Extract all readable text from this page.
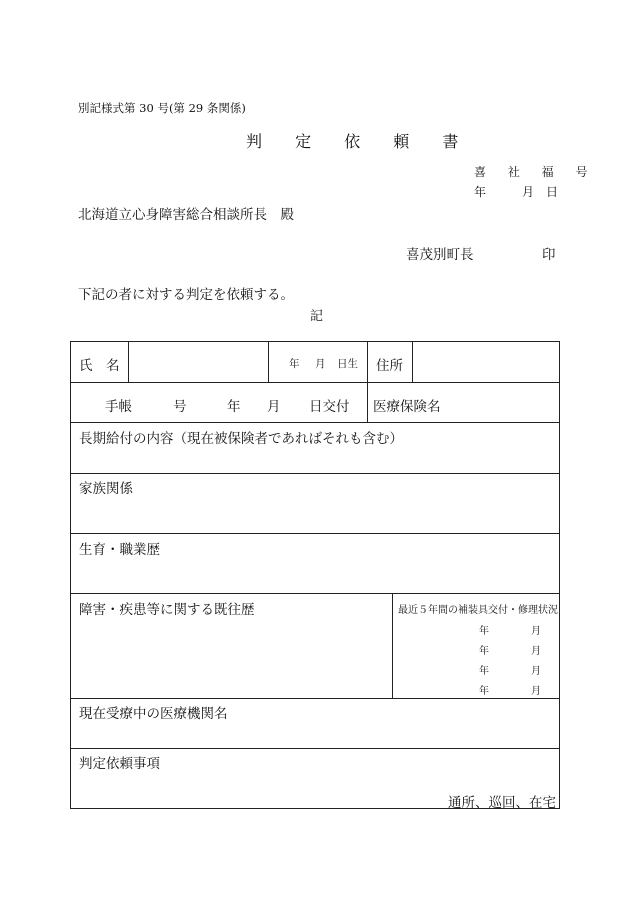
別記様式第 30 号(第 29 条関係)
判 定 依 頼 書
喜 社 福 号
年	月 日
北海道立心身障害総合相談所長　殿
喜茂別町長	印
下記の者に対する判定を依頼する。
記
氏　名	年 月 日生 住所
手帳	号	年 月 日交付 医療保険名
長期給付の内容（現在被保険者であればそれも含む）
家族関係
生育・職業歴
障害・疾患等に関する既往歴	最近５年間の補装具交付・修理状況
年	月
年	月
年	月
年	月
現在受療中の医療機関名
判定依頼事項
通所、巡回、在宅
